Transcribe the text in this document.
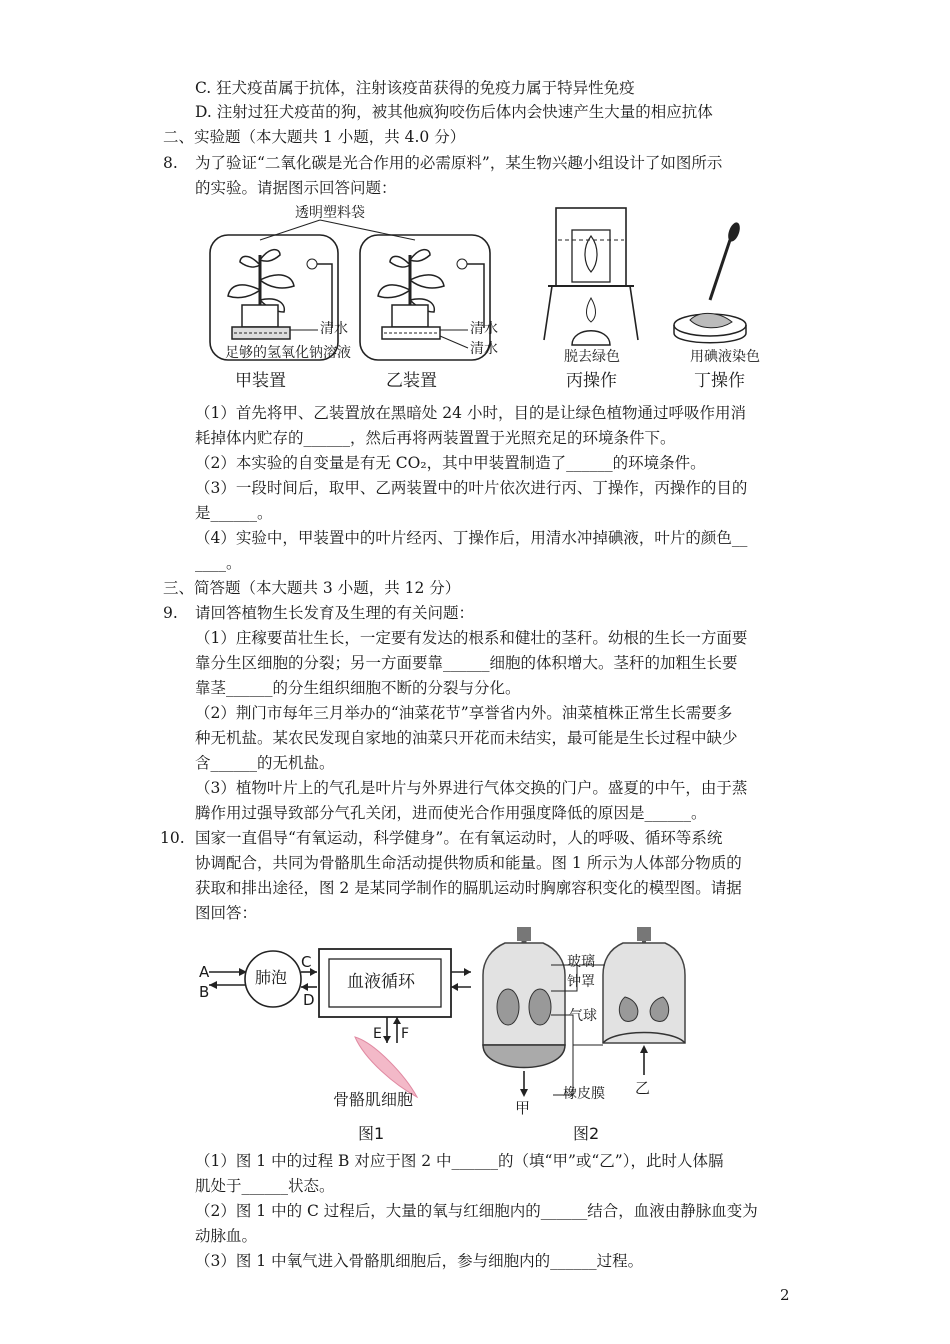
C. 狂犬疫苗属于抗体，注射该疫苗获得的免疫力属于特异性免疫
D. 注射过狂犬疫苗的狗，被其他疯狗咬伤后体内会快速产生大量的相应抗体
二、实验题（本大题共 1 小题，共 4.0 分）
8. 为了验证“二氧化碳是光合作用的必需原料”，某生物兴趣小组设计了如图所示
的实验。请据图示回答问题：
透明塑料袋
清水	清水
清水
足够的氢氧化钠溶液	脱去绿色	用碘液染色
甲装置	乙装置	丙操作	丁操作
（1）首先将甲、乙装置放在黑暗处 24 小时，目的是让绿色植物通过呼吸作用消
耗掉体内贮存的______，然后再将两装置置于光照充足的环境条件下。
（2）本实验的自变量是有无 CO₂，其中甲装置制造了______的环境条件。
（3）一段时间后，取甲、乙两装置中的叶片依次进行丙、丁操作，丙操作的目的
是______。
（4）实验中，甲装置中的叶片经丙、丁操作后，用清水冲掉碘液，叶片的颜色__
____。
三、简答题（本大题共 3 小题，共 12 分）
9. 请回答植物生长发育及生理的有关问题：
（1）庄稼要苗壮生长，一定要有发达的根系和健壮的茎秆。幼根的生长一方面要
靠分生区细胞的分裂；另一方面要靠______细胞的体积增大。茎秆的加粗生长要
靠茎______的分生组织细胞不断的分裂与分化。
（2）荆门市每年三月举办的“油菜花节”享誉省内外。油菜植株正常生长需要多
种无机盐。某农民发现自家地的油菜只开花而未结实，最可能是生长过程中缺少
含______的无机盐。
（3）植物叶片上的气孔是叶片与外界进行气体交换的门户。盛夏的中午，由于蒸
腾作用过强导致部分气孔关闭，进而使光合作用强度降低的原因是______。
10. 国家一直倡导“有氧运动，科学健身”。在有氧运动时，人的呼吸、循环等系统
协调配合，共同为骨骼肌生命活动提供物质和能量。图 1 所示为人体部分物质的
获取和排出途径，图 2 是某同学制作的膈肌运动时胸廓容积变化的模型图。请据
图回答：
A
B
肺泡
C
D
血液循环
E F
骨骼肌细胞
图1
玻璃
钟罩
气球
橡皮膜
甲
乙
图2
（1）图 1 中的过程 B 对应于图 2 中______的（填“甲”或“乙”），此时人体膈
肌处于______状态。
（2）图 1 中的 C 过程后，大量的氧与红细胞内的______结合，血液由静脉血变为
动脉血。
（3）图 1 中氧气进入骨骼肌细胞后，参与细胞内的______过程。
2
